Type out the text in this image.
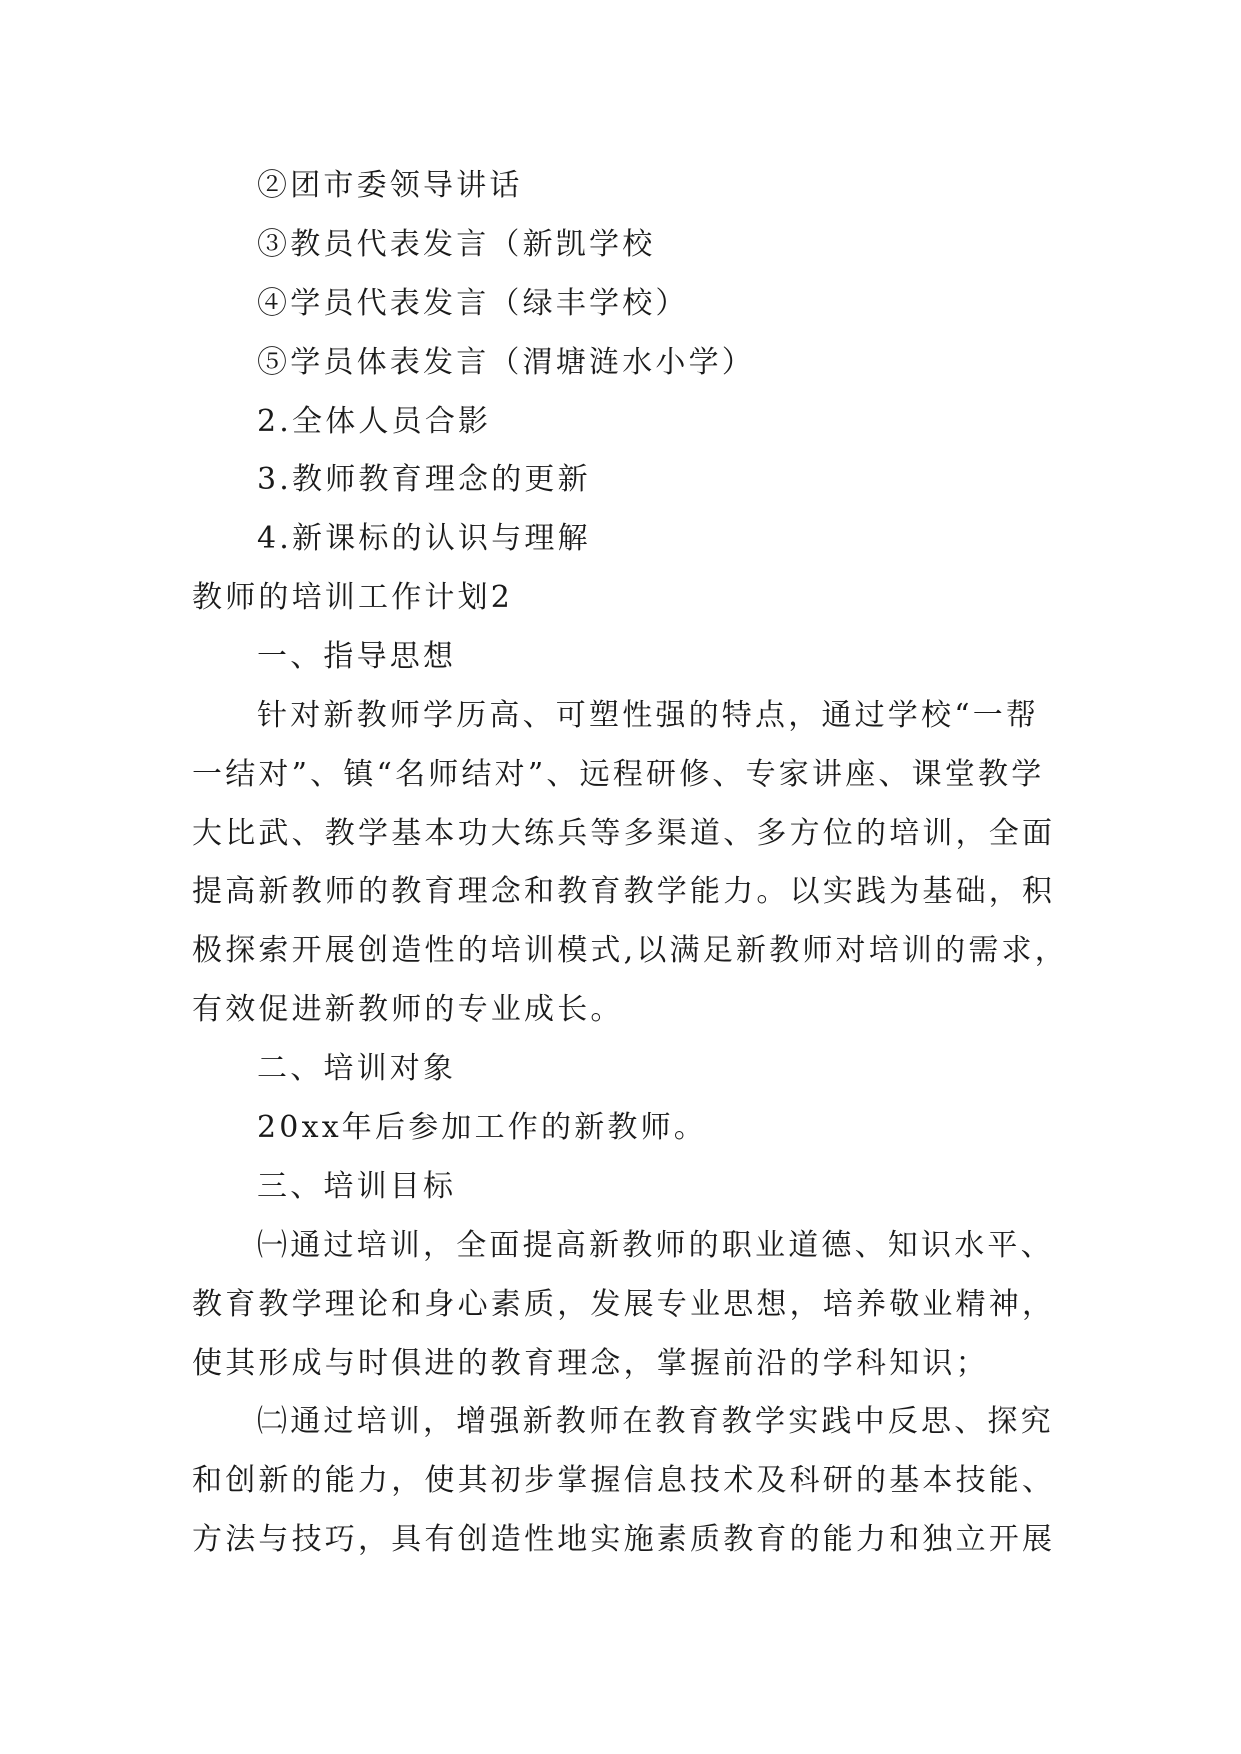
②团市委领导讲话
③教员代表发言（新凯学校
④学员代表发言（绿丰学校）
⑤学员体表发言（渭塘涟水小学）
2.全体人员合影
3.教师教育理念的更新
4.新课标的认识与理解
教师的培训工作计划2
一、指导思想
针对新教师学历高、可塑性强的特点，通过学校“一帮
一结对”、镇“名师结对”、远程研修、专家讲座、课堂教学
大比武、教学基本功大练兵等多渠道、多方位的培训，全面
提高新教师的教育理念和教育教学能力。以实践为基础，积
极探索开展创造性的培训模式,以满足新教师对培训的需求，
有效促进新教师的专业成长。
二、培训对象
20xx年后参加工作的新教师。
三、培训目标
㈠通过培训，全面提高新教师的职业道德、知识水平、
教育教学理论和身心素质，发展专业思想，培养敬业精神，
使其形成与时俱进的教育理念，掌握前沿的学科知识；
㈡通过培训，增强新教师在教育教学实践中反思、探究
和创新的能力，使其初步掌握信息技术及科研的基本技能、
方法与技巧，具有创造性地实施素质教育的能力和独立开展
